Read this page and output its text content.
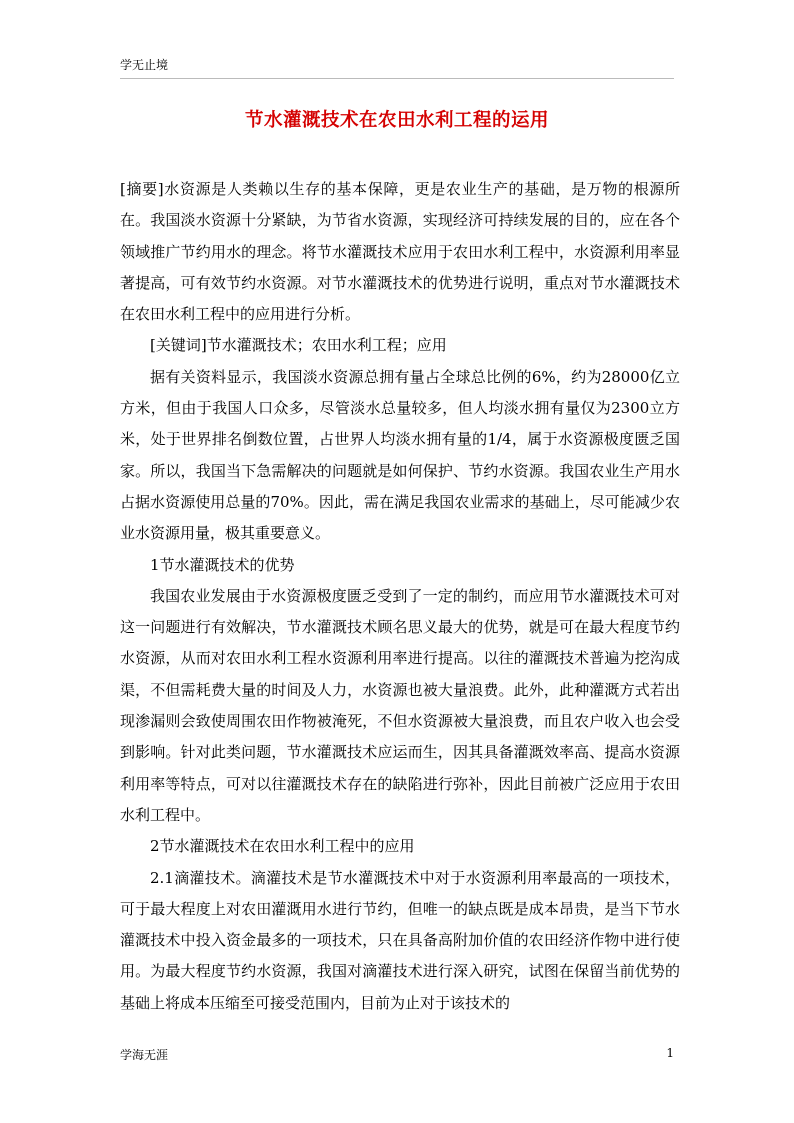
学无止境
节水灌溉技术在农田水利工程的运用

[摘要]水资源是人类赖以生存的基本保障，更是农业生产的基础，是万物的根源所在。我国淡水资源十分紧缺，为节省水资源，实现经济可持续发展的目的，应在各个领域推广节约用水的理念。将节水灌溉技术应用于农田水利工程中，水资源利用率显著提高，可有效节约水资源。对节水灌溉技术的优势进行说明，重点对节水灌溉技术在农田水利工程中的应用进行分析。

[关键词]节水灌溉技术；农田水利工程；应用

据有关资料显示，我国淡水资源总拥有量占全球总比例的6%，约为28000亿立方米，但由于我国人口众多，尽管淡水总量较多，但人均淡水拥有量仅为2300立方米，处于世界排名倒数位置，占世界人均淡水拥有量的1/4，属于水资源极度匮乏国家。所以，我国当下急需解决的问题就是如何保护、节约水资源。我国农业生产用水占据水资源使用总量的70%。因此，需在满足我国农业需求的基础上，尽可能减少农业水资源用量，极其重要意义。

1节水灌溉技术的优势

我国农业发展由于水资源极度匮乏受到了一定的制约，而应用节水灌溉技术可对这一问题进行有效解决，节水灌溉技术顾名思义最大的优势，就是可在最大程度节约水资源，从而对农田水利工程水资源利用率进行提高。以往的灌溉技术普遍为挖沟成渠，不但需耗费大量的时间及人力，水资源也被大量浪费。此外，此种灌溉方式若出现渗漏则会致使周围农田作物被淹死，不但水资源被大量浪费，而且农户收入也会受到影响。针对此类问题，节水灌溉技术应运而生，因其具备灌溉效率高、提高水资源利用率等特点，可对以往灌溉技术存在的缺陷进行弥补，因此目前被广泛应用于农田水利工程中。

2节水灌溉技术在农田水利工程中的应用

2.1滴灌技术。滴灌技术是节水灌溉技术中对于水资源利用率最高的一项技术，可于最大程度上对农田灌溉用水进行节约，但唯一的缺点既是成本昂贵，是当下节水灌溉技术中投入资金最多的一项技术，只在具备高附加价值的农田经济作物中进行使用。为最大程度节约水资源，我国对滴灌技术进行深入研究，试图在保留当前优势的基础上将成本压缩至可接受范围内，目前为止对于该技术的

学海无涯	1
